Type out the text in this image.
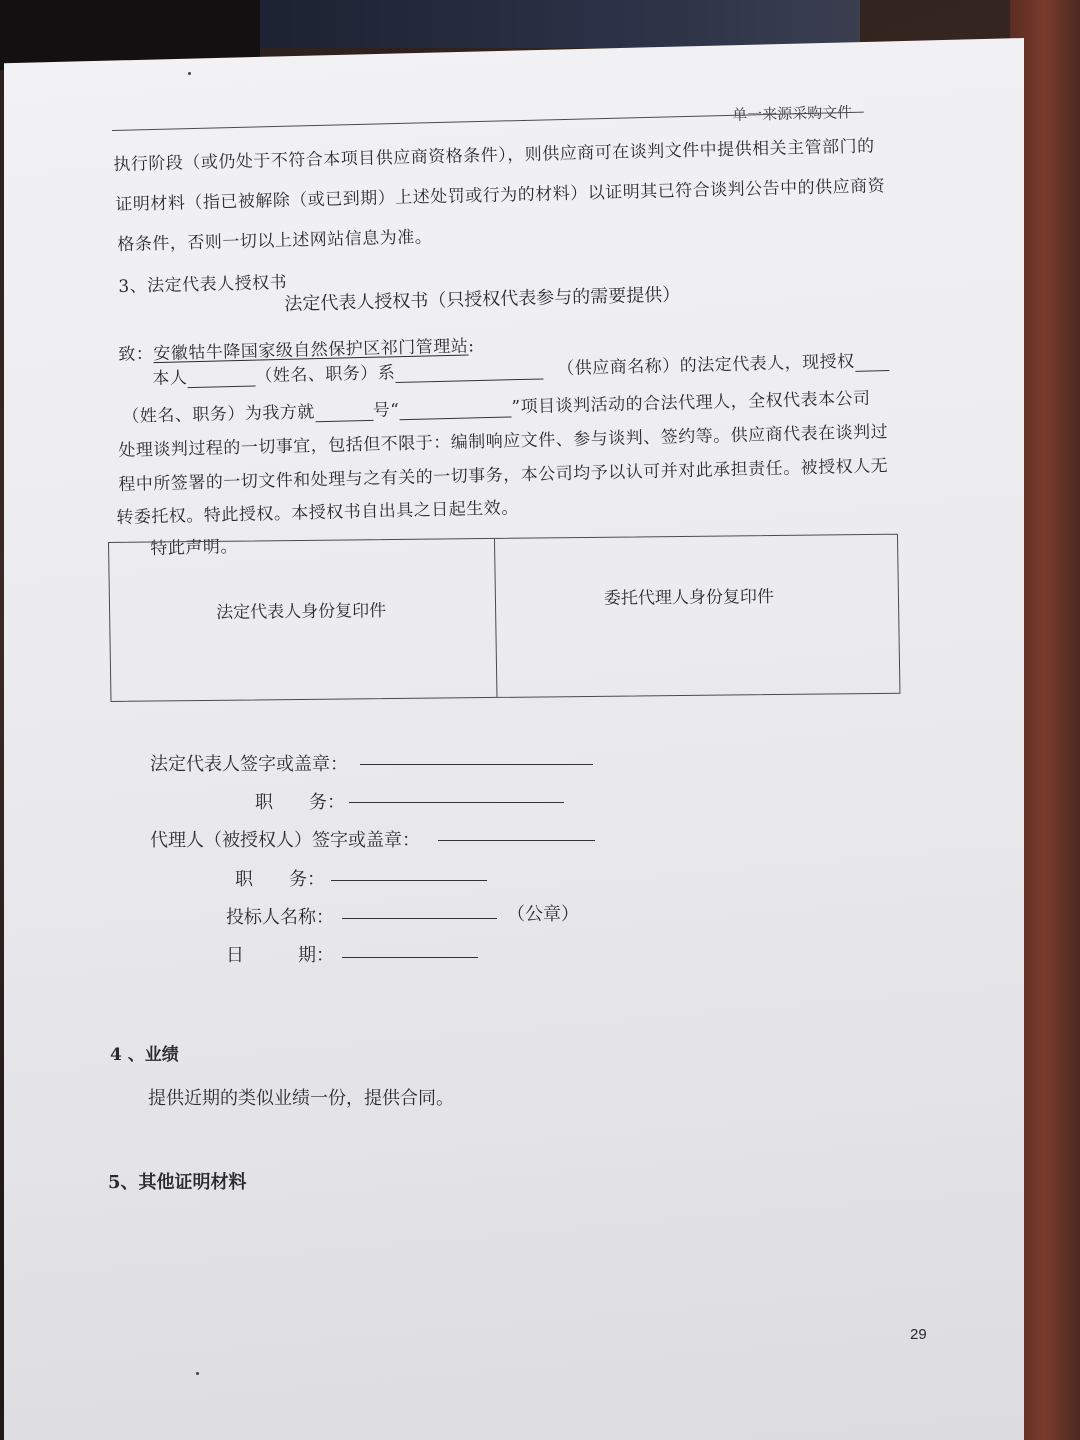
单一来源采购文件
执行阶段（或仍处于不符合本项目供应商资格条件），则供应商可在谈判文件中提供相关主管部门的
证明材料（指已被解除（或已到期）上述处罚或行为的材料）以证明其已符合谈判公告中的供应商资
格条件，否则一切以上述网站信息为准。
3、法定代表人授权书
法定代表人授权书（只授权代表参与的需要提供）
致：安徽牯牛降国家级自然保护区祁门管理站:
本人	（姓名、职务）系	（供应商名称）的法定代表人，现授权
（姓名、职务）为我方就	号“	”项目谈判活动的合法代理人，全权代表本公司
处理谈判过程的一切事宜，包括但不限于：编制响应文件、参与谈判、签约等。供应商代表在谈判过
程中所签署的一切文件和处理与之有关的一切事务，本公司均予以认可并对此承担责任。被授权人无
转委托权。特此授权。本授权书自出具之日起生效。
特此声明。
法定代表人身份复印件
委托代理人身份复印件
法定代表人签字或盖章：
职　　务：
代理人（被授权人）签字或盖章：
职　　务：
投标人名称：	（公章）
日　　　期：
4 、业绩
提供近期的类似业绩一份，提供合同。
5、其他证明材料
29
